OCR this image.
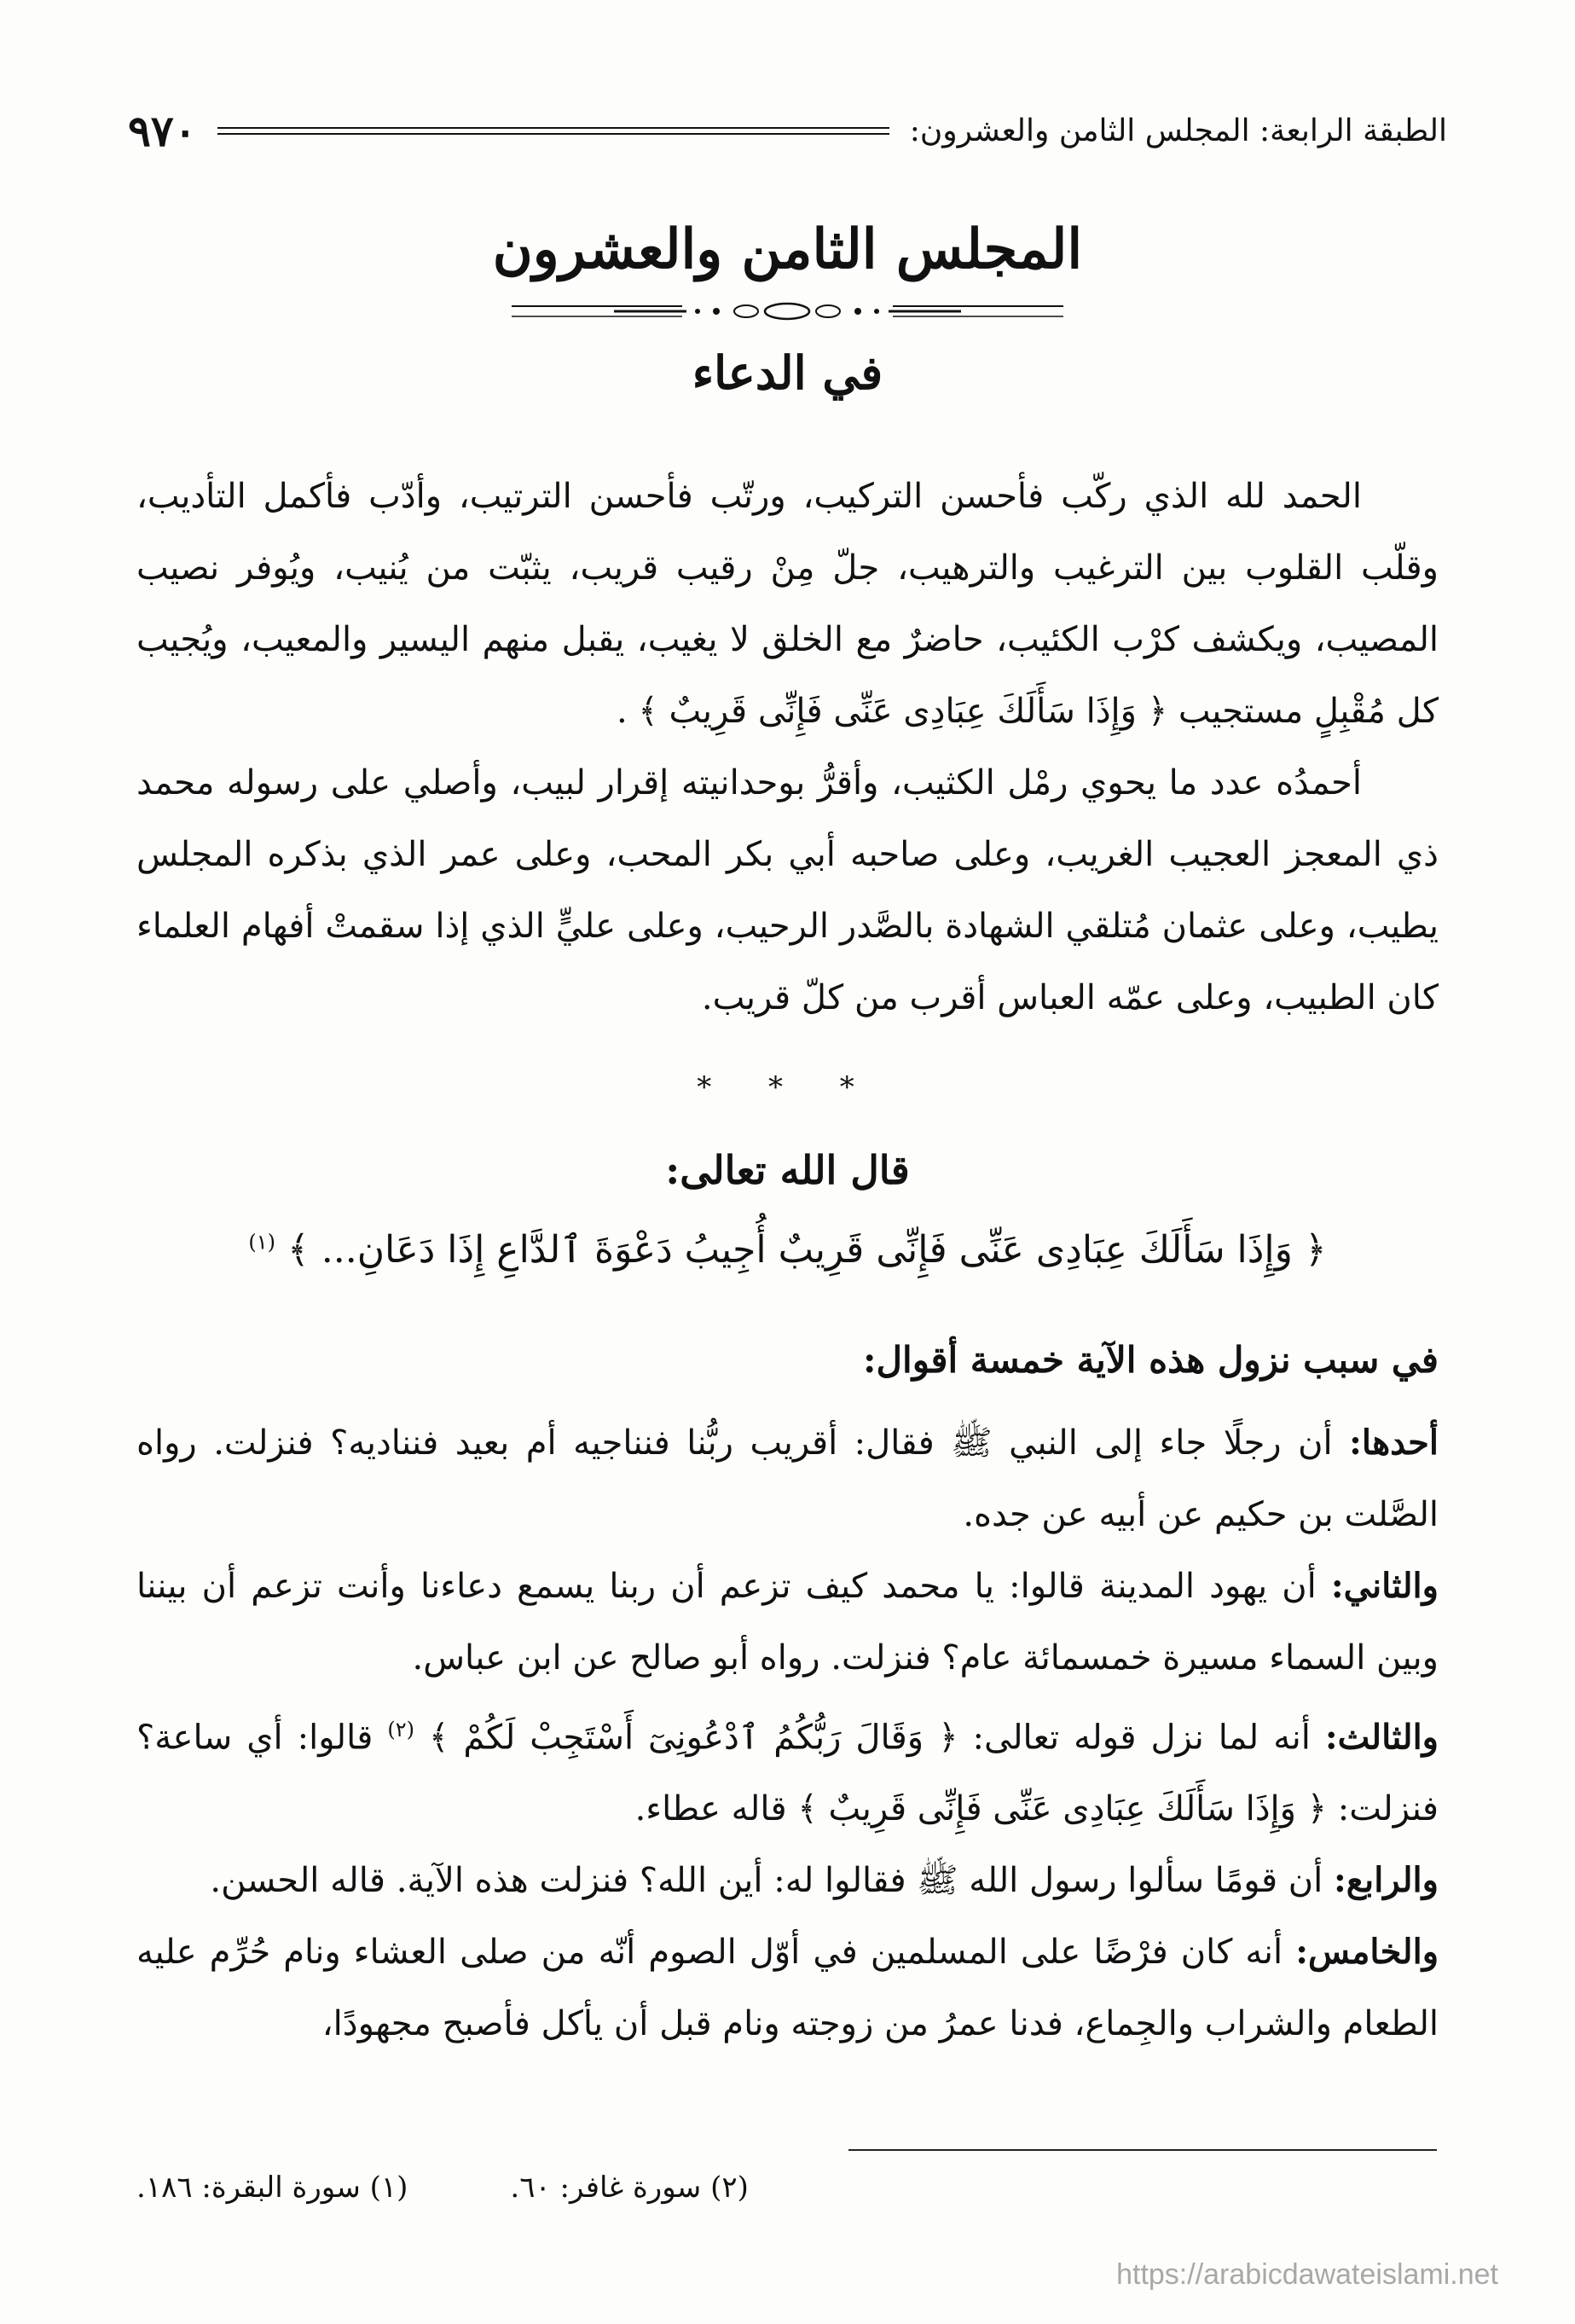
٩٧٠	الطبقة الرابعة: المجلس الثامن والعشرون:
المجلس الثامن والعشرون
في الدعاء

الحمد لله الذي ركّب فأحسن التركيب، ورتّب فأحسن الترتيب، وأدّب فأكمل التأديب، وقلّب القلوب بين الترغيب والترهيب، جلّ مِنْ رقيب قريب، يثبّت من يُنيب، ويُوفر نصيب المصيب، ويكشف كرْب الكئيب، حاضرٌ مع الخلق لا يغيب، يقبل منهم اليسير والمعيب، ويُجيب كل مُقْبِلٍ مستجيب ﴿ وَإِذَا سَأَلَكَ عِبَادِى عَنِّى فَإِنِّى قَرِيبٌ ﴾ .

أحمدُه عدد ما يحوي رمْل الكثيب، وأقرُّ بوحدانيته إقرار لبيب، وأصلي على رسوله محمد ذي المعجز العجيب الغريب، وعلى صاحبه أبي بكر المحب، وعلى عمر الذي بذكره المجلس يطيب، وعلى عثمان مُتلقي الشهادة بالصَّدر الرحيب، وعلى عليٍّ الذي إذا سقمتْ أفهام العلماء كان الطبيب، وعلى عمّه العباس أقرب من كلّ قريب.

* * *
قال الله تعالى:
﴿ وَإِذَا سَأَلَكَ عِبَادِى عَنِّى فَإِنِّى قَرِيبٌ أُجِيبُ دَعْوَةَ ٱلدَّاعِ إِذَا دَعَانِ... ﴾ $^{(١)}$
في سبب نزول هذه الآية خمسة أقوال:

أحدها: أن رجلًا جاء إلى النبي ﷺ فقال: أقريب ربُّنا فنناجيه أم بعيد فنناديه؟ فنزلت. رواه الصَّلت بن حكيم عن أبيه عن جده.

والثاني: أن يهود المدينة قالوا: يا محمد كيف تزعم أن ربنا يسمع دعاءنا وأنت تزعم أن بيننا وبين السماء مسيرة خمسمائة عام؟ فنزلت. رواه أبو صالح عن ابن عباس.

والثالث: أنه لما نزل قوله تعالى: ﴿ وَقَالَ رَبُّكُمُ ٱدْعُونِىٓ أَسْتَجِبْ لَكُمْ ﴾ $^{(٢)}$ قالوا: أي ساعة؟ فنزلت: ﴿ وَإِذَا سَأَلَكَ عِبَادِى عَنِّى فَإِنِّى قَرِيبٌ ﴾ قاله عطاء.

والرابع: أن قومًا سألوا رسول الله ﷺ فقالوا له: أين الله؟ فنزلت هذه الآية. قاله الحسن.

والخامس: أنه كان فرْضًا على المسلمين في أوّل الصوم أنّه من صلى العشاء ونام حُرِّم عليه الطعام والشراب والجِماع، فدنا عمرُ من زوجته ونام قبل أن يأكل فأصبح مجهودًا،

(١) سورة البقرة: ١٨٦.	(٢) سورة غافر: ٦٠.
https://arabicdawateislami.net
